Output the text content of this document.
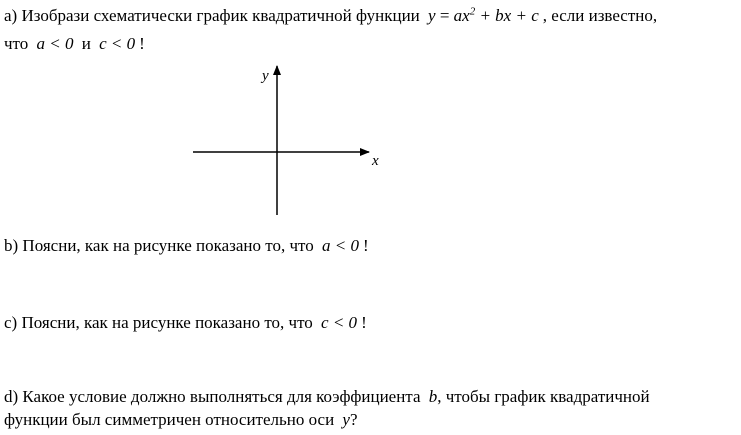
a) Изобрази схематически график квадратичной функции $y = ax^2$ + bx + c , если известно,
что a < 0 и c < 0 !
y
x
b) Поясни, как на рисунке показано то, что a < 0 !
c) Поясни, как на рисунке показано то, что c < 0 !
d) Какое условие должно выполняться для коэффициента b, чтобы график квадратичной
функции был симметричен относительно оси y?
